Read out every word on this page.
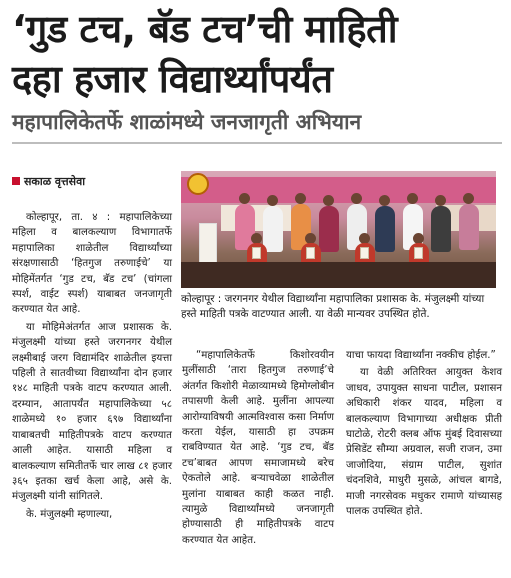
‘गुड टच, बॅड टच’ची माहिती
दहा हजार विद्यार्थ्यांपर्यंत
महापालिकेतर्फे शाळांमध्ये जनजागृती अभियान
सकाळ वृत्तसेवा
कोल्हापूर : जरगनगर येथील विद्यार्थ्यांना महापालिका प्रशासक के. मंजुलक्ष्मी यांच्या हस्ते माहिती पत्रके वाटण्यात आली. या वेळी मान्यवर उपस्थित होते.

कोल्हापूर, ता. ४ : महापालिकेच्या महिला व बालकल्याण विभागातर्फे महापालिका शाळेतील विद्यार्थ्यांच्या संरक्षणासाठी ‘हितगुज तरुणाईचे’ या मोहिमेंतर्गत ‘गुड टच, बॅड टच’ (चांगला स्पर्श, वाईट स्पर्श) याबाबत जनजागृती करण्यात येत आहे.

या मोहिमेअंतर्गत आज प्रशासक के. मंजुलक्ष्मी यांच्या हस्ते जरगनगर येथील लक्ष्मीबाई जरग विद्यामंदिर शाळेतील इयत्ता पहिली ते सातवीच्या विद्यार्थ्यांना दोन हजार १४८ माहिती पत्रके वाटप करण्यात आली. दरम्यान, आतापर्यंत महापालिकेच्या ५८ शाळेमध्ये १० हजार ६९७ विद्यार्थ्यांना याबाबतची माहितीपत्रके वाटप करण्यात आली आहेत. यासाठी महिला व बालकल्याण समितीतर्फे चार लाख ८१ हजार ३६५ इतका खर्च केला आहे, असे के. मंजुलक्ष्मी यांनी सांगितले.

के. मंजुलक्ष्मी म्हणाल्या,

“महापालिकेतर्फे किशोरवयीन मुलींसाठी ‘तारा हितगुज तरुणाई’चे अंतर्गत किशोरी मेळाव्यामध्ये हिमोग्लोबीन तपासणी केली आहे. मुलींना आपल्या आरोग्याविषयी आत्मविश्वास कसा निर्माण करता येईल, यासाठी हा उपक्रम राबविण्यात येत आहे. ‘गुड टच, बॅड टच’बाबत आपण समाजामध्ये बरेच ऐकतोले आहे. बऱ्याचवेळा शाळेतील मुलांना याबाबत काही कळत नाही. त्यामुळे विद्यार्थ्यांमध्ये जनजागृती होण्यासाठी ही माहितीपत्रके वाटप करण्यात येत आहेत.

याचा फायदा विद्यार्थ्यांना नक्कीच होईल.”

या वेळी अतिरिक्त आयुक्त केशव जाधव, उपायुक्त साधना पाटील, प्रशासन अधिकारी शंकर यादव, महिला व बालकल्याण विभागाच्या अधीक्षक प्रीती घाटोळे, रोटरी क्लब ऑफ मुंबई दिवासच्या प्रेसिडेंट सौम्या अग्रवाल, सजी राजन, उमा जाजोदिया, संग्राम पाटील, सुशांत चंदनशिवे, माधुरी मुसळे, आंचल बागडे, माजी नगरसेवक मधुकर रामाणे यांच्यासह पालक उपस्थित होते.
